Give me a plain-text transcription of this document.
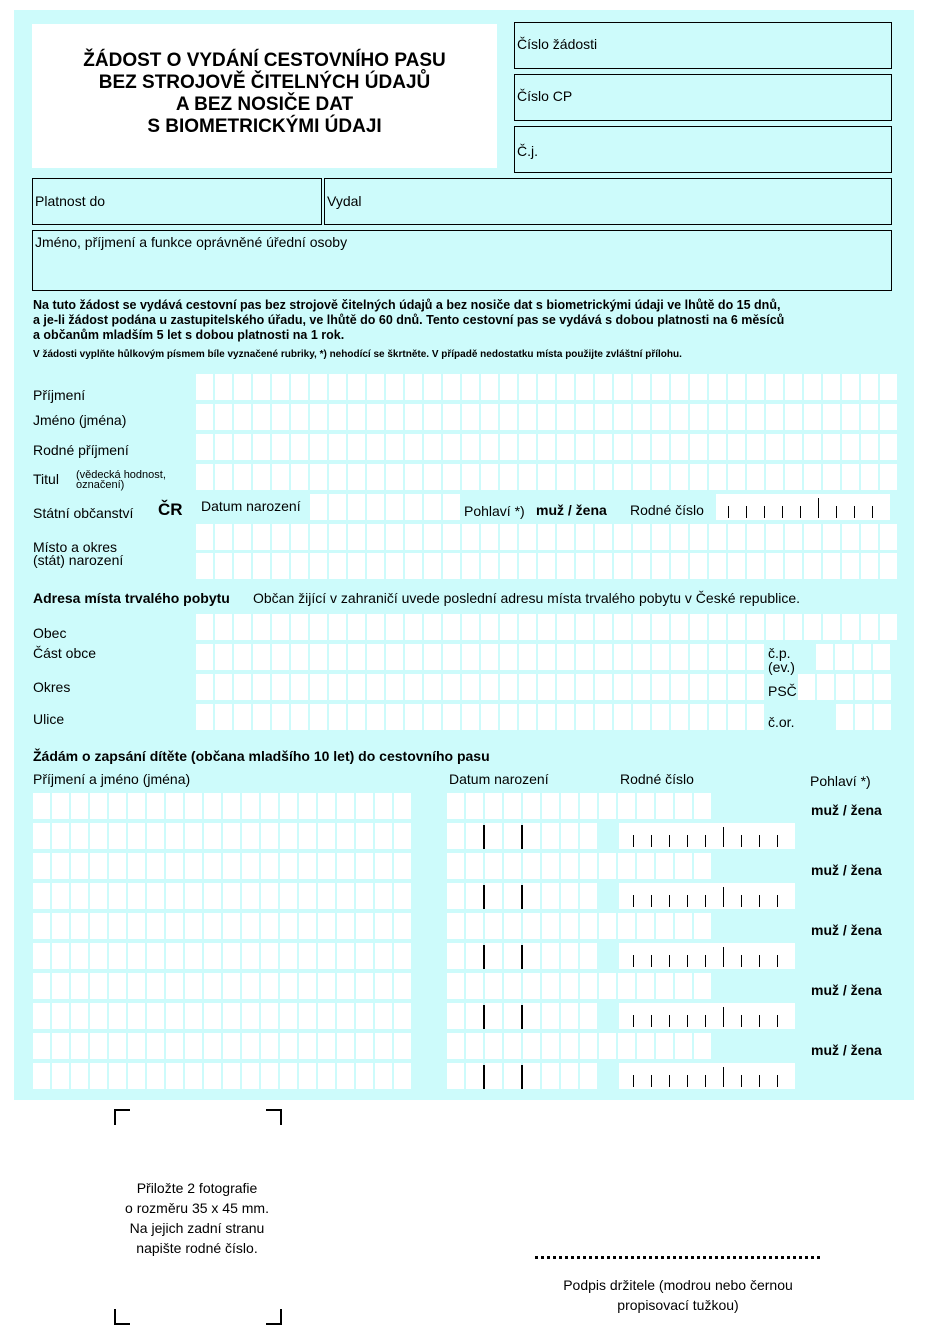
ŽÁDOST O VYDÁNÍ CESTOVNÍHO PASU
BEZ STROJOVĚ ČITELNÝCH ÚDAJŮ
A BEZ NOSIČE DAT
S BIOMETRICKÝMI ÚDAJI
Číslo žádosti
Číslo CP
Č.j.
Platnost do	Vydal
Jméno, příjmení a funkce oprávněné úřední osoby
Na tuto žádost se vydává cestovní pas bez strojově čitelných údajů a bez nosiče dat s biometrickými údaji ve lhůtě do 15 dnů,
a je-li žádost podána u zastupitelského úřadu, ve lhůtě do 60 dnů. Tento cestovní pas se vydává s dobou platnosti na 6 měsíců
a občanům mladším 5 let s dobou platnosti na 1 rok.
V žádosti vyplňte hůlkovým písmem bíle vyznačené rubriky, *) nehodící se škrtněte. V případě nedostatku místa použijte zvláštní přílohu.
Příjmení
Jméno (jména)
Rodné příjmení
Titul (vědecká hodnost,
označení)
Státní občanství ČR Datum narození	Pohlaví *) muž / žena Rodné číslo
Místo a okres
(stát) narození
Adresa místa trvalého pobytu Občan žijící v zahraničí uvede poslední adresu místa trvalého pobytu v České republice.
Obec
Část obce	č.p.
(ev.)
Okres	PSČ
Ulice	č.or.
Žádám o zapsání dítěte (občana mladšího 10 let) do cestovního pasu
Příjmení a jméno (jména)	Datum narození	Rodné číslo	Pohlaví *)
muž / žena
muž / žena
muž / žena
muž / žena
muž / žena
Přiložte 2 fotografie
o rozměru 35 x 45 mm.
Na jejich zadní stranu
napište rodné číslo.
Podpis držitele (modrou nebo černou
propisovací tužkou)
